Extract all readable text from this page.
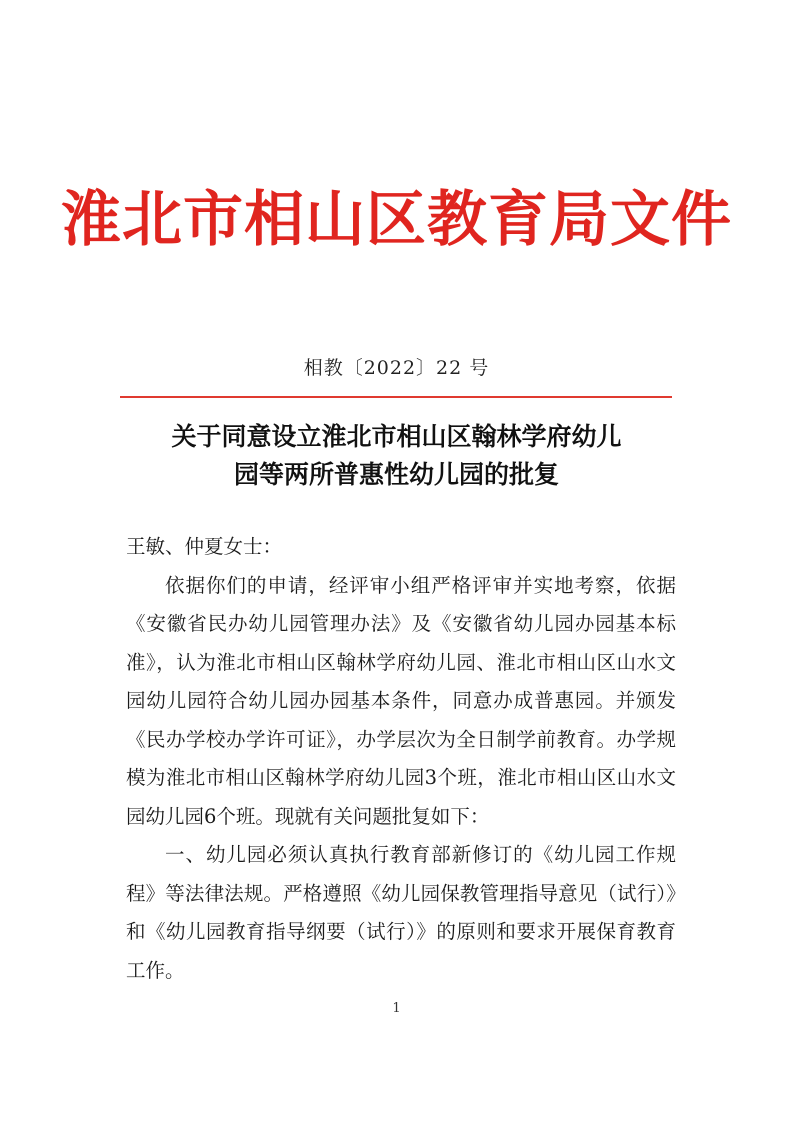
淮北市相山区教育局文件
相教〔2022〕22 号
关于同意设立淮北市相山区翰林学府幼儿
园等两所普惠性幼儿园的批复
王敏、仲夏女士：
依据你们的申请，经评审小组严格评审并实地考察，依据《安徽省民办幼儿园管理办法》及《安徽省幼儿园办园基本标准》，认为淮北市相山区翰林学府幼儿园、淮北市相山区山水文园幼儿园符合幼儿园办园基本条件，同意办成普惠园。并颁发《民办学校办学许可证》，办学层次为全日制学前教育。办学规模为淮北市相山区翰林学府幼儿园3个班，淮北市相山区山水文园幼儿园6个班。现就有关问题批复如下：
一、幼儿园必须认真执行教育部新修订的《幼儿园工作规程》等法律法规。严格遵照《幼儿园保教管理指导意见（试行）》和《幼儿园教育指导纲要（试行）》的原则和要求开展保育教育工作。
1
